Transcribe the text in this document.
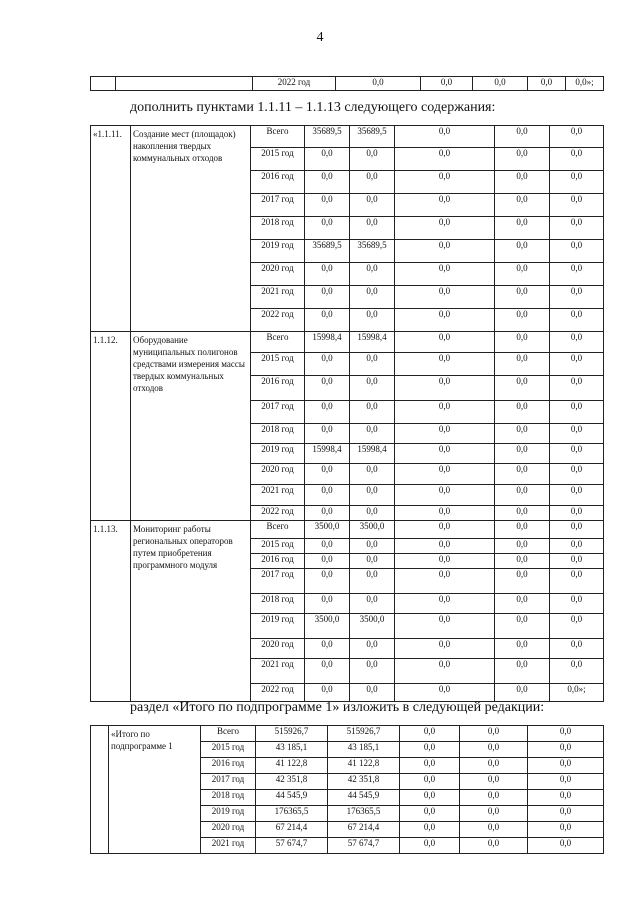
4
		2022 год	0,0	0,0	0,0	0,0	0,0»;
дополнить пунктами 1.1.11 – 1.1.13 следующего содержания:
«1.1.11.	Создание мест (площадок) накопления твердых коммунальных отходов	Всего	35689,5	35689,5	0,0	0,0	0,0
		2015 год	0,0	0,0	0,0	0,0	0,0
		2016 год	0,0	0,0	0,0	0,0	0,0
		2017 год	0,0	0,0	0,0	0,0	0,0
		2018 год	0,0	0,0	0,0	0,0	0,0
		2019 год	35689,5	35689,5	0,0	0,0	0,0
		2020 год	0,0	0,0	0,0	0,0	0,0
		2021 год	0,0	0,0	0,0	0,0	0,0
		2022 год	0,0	0,0	0,0	0,0	0,0
1.1.12.	Оборудование муниципальных полигонов средствами измерения массы твердых коммунальных отходов	Всего	15998,4	15998,4	0,0	0,0	0,0
		2015 год	0,0	0,0	0,0	0,0	0,0
		2016 год	0,0	0,0	0,0	0,0	0,0
		2017 год	0,0	0,0	0,0	0,0	0,0
		2018 год	0,0	0,0	0,0	0,0	0,0
		2019 год	15998,4	15998,4	0,0	0,0	0,0
		2020 год	0,0	0,0	0,0	0,0	0,0
		2021 год	0,0	0,0	0,0	0,0	0,0
		2022 год	0,0	0,0	0,0	0,0	0,0
1.1.13.	Мониторинг работы региональных операторов путем приобретения программного модуля	Всего	3500,0	3500,0	0,0	0,0	0,0
		2015 год	0,0	0,0	0,0	0,0	0,0
		2016 год	0,0	0,0	0,0	0,0	0,0
		2017 год	0,0	0,0	0,0	0,0	0,0
		2018 год	0,0	0,0	0,0	0,0	0,0
		2019 год	3500,0	3500,0	0,0	0,0	0,0
		2020 год	0,0	0,0	0,0	0,0	0,0
		2021 год	0,0	0,0	0,0	0,0	0,0
		2022 год	0,0	0,0	0,0	0,0	0,0»;
раздел «Итого по подпрограмме 1» изложить в следующей редакции:
	«Итого по подпрограмме 1	Всего	515926,7	515926,7	0,0	0,0	0,0
		2015 год	43 185,1	43 185,1	0,0	0,0	0,0
		2016 год	41 122,8	41 122,8	0,0	0,0	0,0
		2017 год	42 351,8	42 351,8	0,0	0,0	0,0
		2018 год	44 545,9	44 545,9	0,0	0,0	0,0
		2019 год	176365,5	176365,5	0,0	0,0	0,0
		2020 год	67 214,4	67 214,4	0,0	0,0	0,0
		2021 год	57 674,7	57 674,7	0,0	0,0	0,0
